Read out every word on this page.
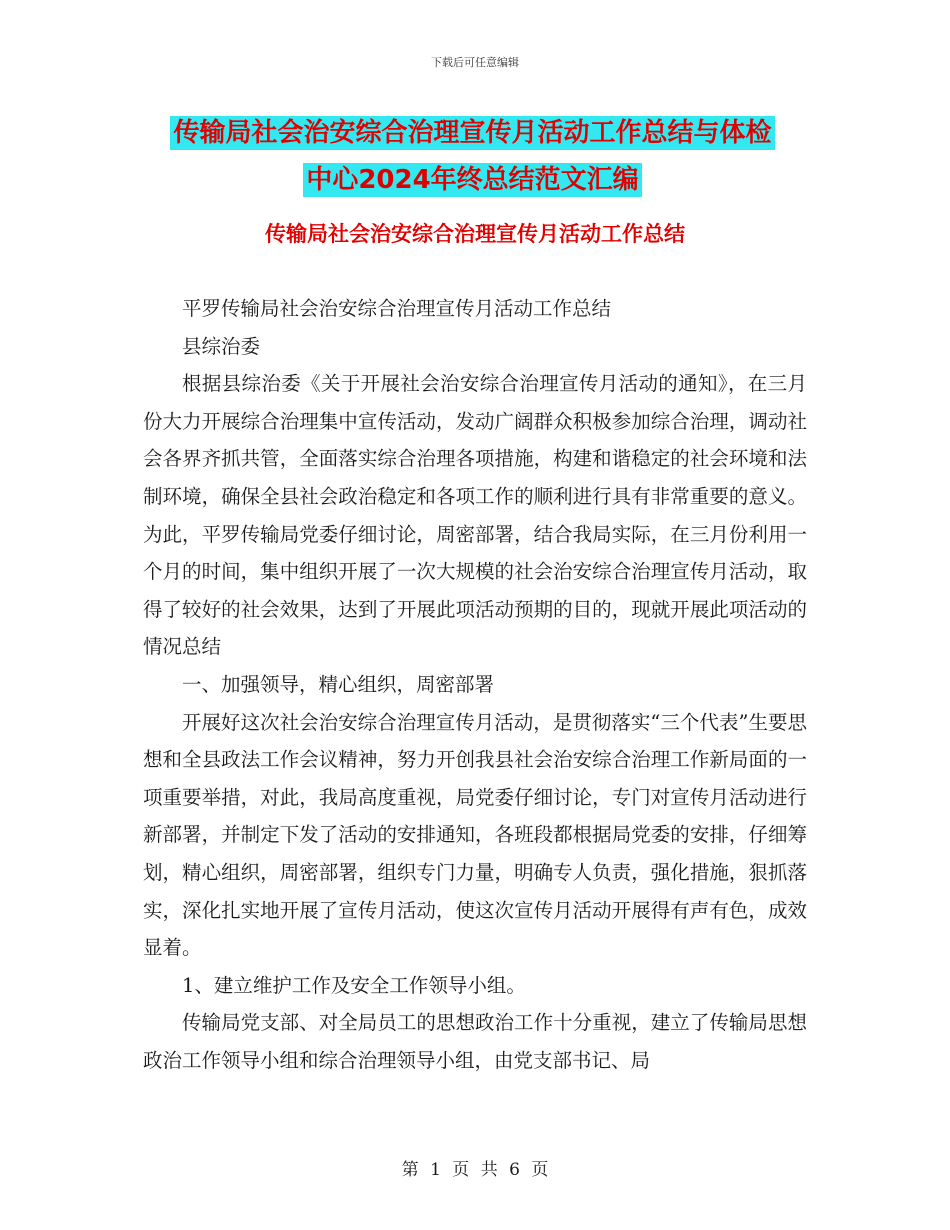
下载后可任意编辑
传输局社会治安综合治理宣传月活动工作总结与体检
中心2024年终总结范文汇编
传输局社会治安综合治理宣传月活动工作总结

平罗传输局社会治安综合治理宣传月活动工作总结

县综治委

根据县综治委《关于开展社会治安综合治理宣传月活动的通知》，在三月份大力开展综合治理集中宣传活动，发动广阔群众积极参加综合治理，调动社会各界齐抓共管，全面落实综合治理各项措施，构建和谐稳定的社会环境和法制环境，确保全县社会政治稳定和各项工作的顺利进行具有非常重要的意义。为此，平罗传输局党委仔细讨论，周密部署，结合我局实际，在三月份利用一个月的时间，集中组织开展了一次大规模的社会治安综合治理宣传月活动，取得了较好的社会效果，达到了开展此项活动预期的目的，现就开展此项活动的情况总结

一、加强领导，精心组织，周密部署

开展好这次社会治安综合治理宣传月活动，是贯彻落实“三个代表”生要思想和全县政法工作会议精神，努力开创我县社会治安综合治理工作新局面的一项重要举措，对此，我局高度重视，局党委仔细讨论，专门对宣传月活动进行新部署，并制定下发了活动的安排通知，各班段都根据局党委的安排，仔细筹划，精心组织，周密部署，组织专门力量，明确专人负责，强化措施，狠抓落实，深化扎实地开展了宣传月活动，使这次宣传月活动开展得有声有色，成效显着。

1、建立维护工作及安全工作领导小组。

传输局党支部、对全局员工的思想政治工作十分重视，建立了传输局思想政治工作领导小组和综合治理领导小组，由党支部书记、局

第 1 页 共 6 页
